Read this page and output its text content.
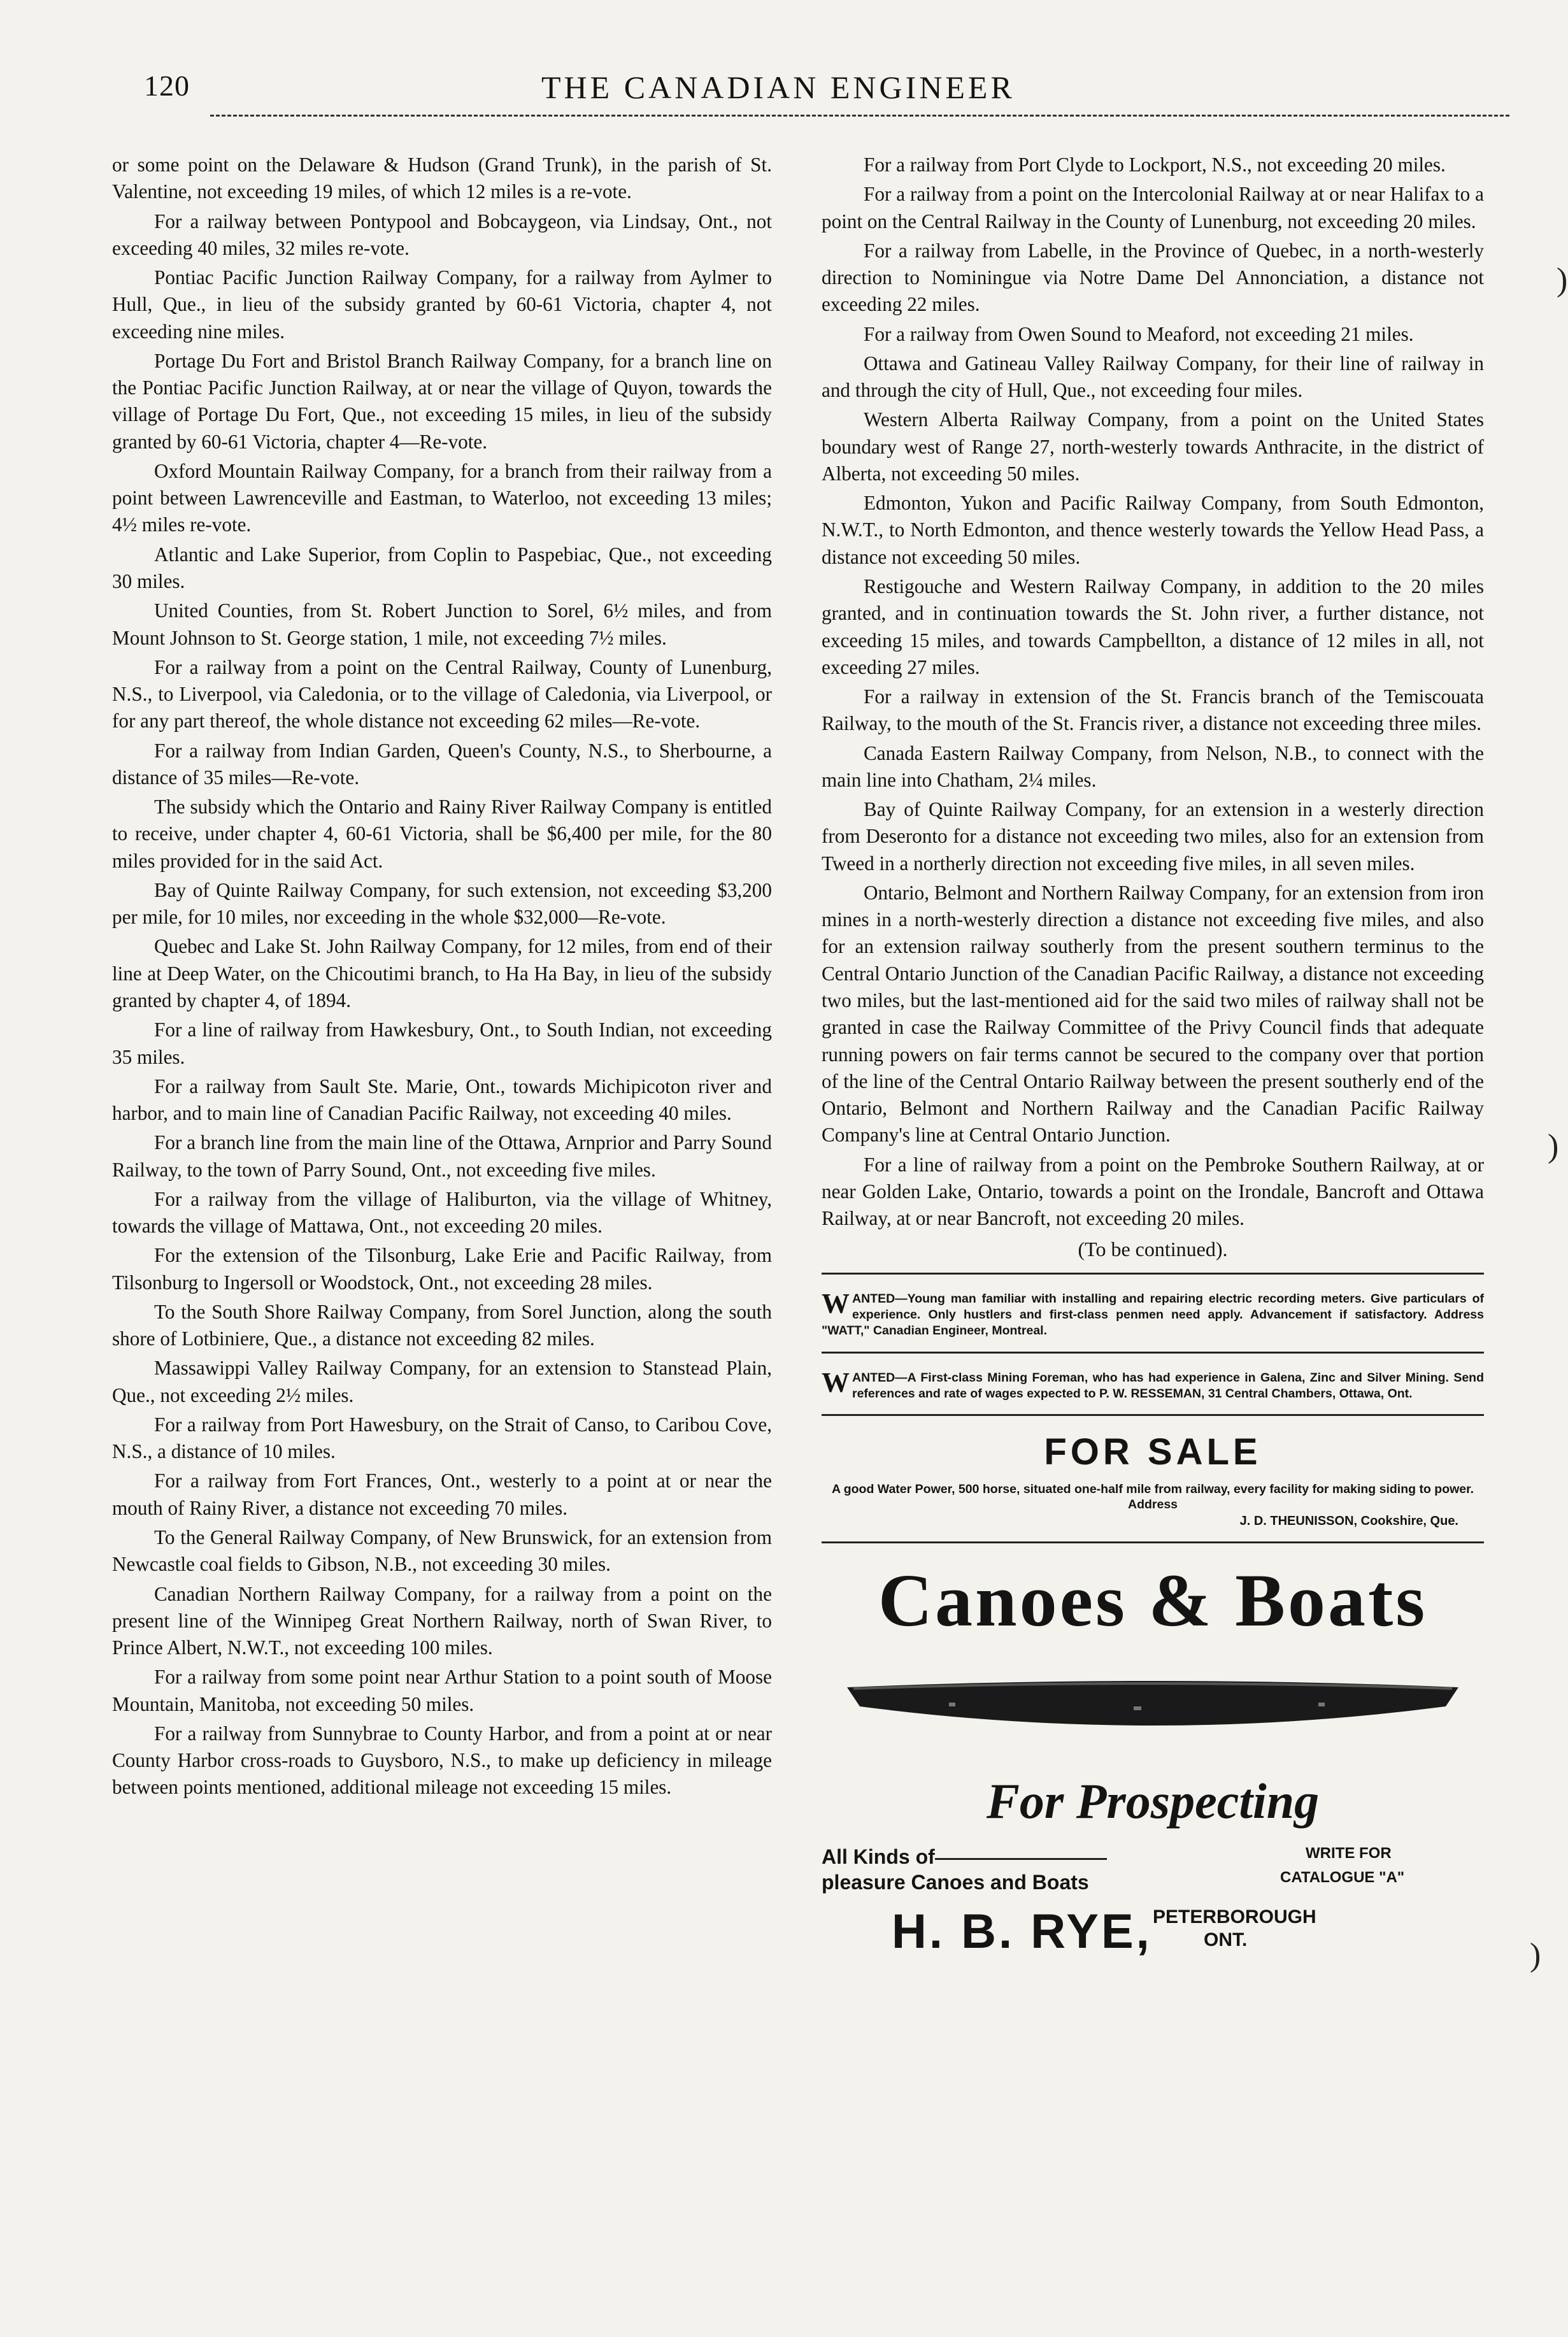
120	THE CANADIAN ENGINEER

or some point on the Delaware & Hudson (Grand Trunk), in the parish of St. Valentine, not exceeding 19 miles, of which 12 miles is a re-vote.

For a railway between Pontypool and Bobcaygeon, via Lindsay, Ont., not exceeding 40 miles, 32 miles re-vote.

Pontiac Pacific Junction Railway Company, for a railway from Aylmer to Hull, Que., in lieu of the subsidy granted by 60-61 Victoria, chapter 4, not exceeding nine miles.

Portage Du Fort and Bristol Branch Railway Company, for a branch line on the Pontiac Pacific Junction Railway, at or near the village of Quyon, towards the village of Portage Du Fort, Que., not exceeding 15 miles, in lieu of the subsidy granted by 60-61 Victoria, chapter 4—Re-vote.

Oxford Mountain Railway Company, for a branch from their railway from a point between Lawrenceville and Eastman, to Waterloo, not exceeding 13 miles; 4½ miles re-vote.

Atlantic and Lake Superior, from Coplin to Paspebiac, Que., not exceeding 30 miles.

United Counties, from St. Robert Junction to Sorel, 6½ miles, and from Mount Johnson to St. George station, 1 mile, not exceeding 7½ miles.

For a railway from a point on the Central Railway, County of Lunenburg, N.S., to Liverpool, via Caledonia, or to the village of Caledonia, via Liverpool, or for any part thereof, the whole distance not exceeding 62 miles—Re-vote.

For a railway from Indian Garden, Queen's County, N.S., to Sherbourne, a distance of 35 miles—Re-vote.

The subsidy which the Ontario and Rainy River Railway Company is entitled to receive, under chapter 4, 60-61 Victoria, shall be $6,400 per mile, for the 80 miles provided for in the said Act.

Bay of Quinte Railway Company, for such extension, not exceeding $3,200 per mile, for 10 miles, nor exceeding in the whole $32,000—Re-vote.

Quebec and Lake St. John Railway Company, for 12 miles, from end of their line at Deep Water, on the Chicoutimi branch, to Ha Ha Bay, in lieu of the subsidy granted by chapter 4, of 1894.

For a line of railway from Hawkesbury, Ont., to South Indian, not exceeding 35 miles.

For a railway from Sault Ste. Marie, Ont., towards Michipicoton river and harbor, and to main line of Canadian Pacific Railway, not exceeding 40 miles.

For a branch line from the main line of the Ottawa, Arnprior and Parry Sound Railway, to the town of Parry Sound, Ont., not exceeding five miles.

For a railway from the village of Haliburton, via the village of Whitney, towards the village of Mattawa, Ont., not exceeding 20 miles.

For the extension of the Tilsonburg, Lake Erie and Pacific Railway, from Tilsonburg to Ingersoll or Woodstock, Ont., not exceeding 28 miles.

To the South Shore Railway Company, from Sorel Junction, along the south shore of Lotbiniere, Que., a distance not exceeding 82 miles.

Massawippi Valley Railway Company, for an extension to Stanstead Plain, Que., not exceeding 2½ miles.

For a railway from Port Hawesbury, on the Strait of Canso, to Caribou Cove, N.S., a distance of 10 miles.

For a railway from Fort Frances, Ont., westerly to a point at or near the mouth of Rainy River, a distance not exceeding 70 miles.

To the General Railway Company, of New Brunswick, for an extension from Newcastle coal fields to Gibson, N.B., not exceeding 30 miles.

Canadian Northern Railway Company, for a railway from a point on the present line of the Winnipeg Great Northern Railway, north of Swan River, to Prince Albert, N.W.T., not exceeding 100 miles.

For a railway from some point near Arthur Station to a point south of Moose Mountain, Manitoba, not exceeding 50 miles.

For a railway from Sunnybrae to County Harbor, and from a point at or near County Harbor cross-roads to Guysboro, N.S., to make up deficiency in mileage between points mentioned, additional mileage not exceeding 15 miles.

For a railway from Port Clyde to Lockport, N.S., not exceeding 20 miles.

For a railway from a point on the Intercolonial Railway at or near Halifax to a point on the Central Railway in the County of Lunenburg, not exceeding 20 miles.

For a railway from Labelle, in the Province of Quebec, in a north-westerly direction to Nominingue via Notre Dame Del Annonciation, a distance not exceeding 22 miles.

For a railway from Owen Sound to Meaford, not exceeding 21 miles.

Ottawa and Gatineau Valley Railway Company, for their line of railway in and through the city of Hull, Que., not exceeding four miles.

Western Alberta Railway Company, from a point on the United States boundary west of Range 27, north-westerly towards Anthracite, in the district of Alberta, not exceeding 50 miles.

Edmonton, Yukon and Pacific Railway Company, from South Edmonton, N.W.T., to North Edmonton, and thence westerly towards the Yellow Head Pass, a distance not exceeding 50 miles.

Restigouche and Western Railway Company, in addition to the 20 miles granted, and in continuation towards the St. John river, a further distance, not exceeding 15 miles, and towards Campbellton, a distance of 12 miles in all, not exceeding 27 miles.

For a railway in extension of the St. Francis branch of the Temiscouata Railway, to the mouth of the St. Francis river, a distance not exceeding three miles.

Canada Eastern Railway Company, from Nelson, N.B., to connect with the main line into Chatham, 2¼ miles.

Bay of Quinte Railway Company, for an extension in a westerly direction from Deseronto for a distance not exceeding two miles, also for an extension from Tweed in a northerly direction not exceeding five miles, in all seven miles.

Ontario, Belmont and Northern Railway Company, for an extension from iron mines in a north-westerly direction a distance not exceeding five miles, and also for an extension railway southerly from the present southern terminus to the Central Ontario Junction of the Canadian Pacific Railway, a distance not exceeding two miles, but the last-mentioned aid for the said two miles of railway shall not be granted in case the Railway Committee of the Privy Council finds that adequate running powers on fair terms cannot be secured to the company over that portion of the line of the Central Ontario Railway between the present southerly end of the Ontario, Belmont and Northern Railway and the Canadian Pacific Railway Company's line at Central Ontario Junction.

For a line of railway from a point on the Pembroke Southern Railway, at or near Golden Lake, Ontario, towards a point on the Irondale, Bancroft and Ottawa Railway, at or near Bancroft, not exceeding 20 miles.

(To be continued).
WANTED—Young man familiar with installing and repairing electric recording meters. Give particulars of experience. Only hustlers and first-class penmen need apply. Advancement if satisfactory. Address "WATT," Canadian Engineer, Montreal.
WANTED—A First-class Mining Foreman, who has had experience in Galena, Zinc and Silver Mining. Send references and rate of wages expected to P. W. RESSEMAN, 31 Central Chambers, Ottawa, Ont.
FOR SALE
A good Water Power, 500 horse, situated one-half mile from railway, every facility for making siding to power. Address
J. D. THEUNISSON, Cookshire, Que.
Canoes & Boats
For Prospecting
All Kinds of
pleasure Canoes and Boats
WRITE FOR
CATALOGUE "A"
H. B. RYE, PETERBOROUGH
ONT.
)
)
)
